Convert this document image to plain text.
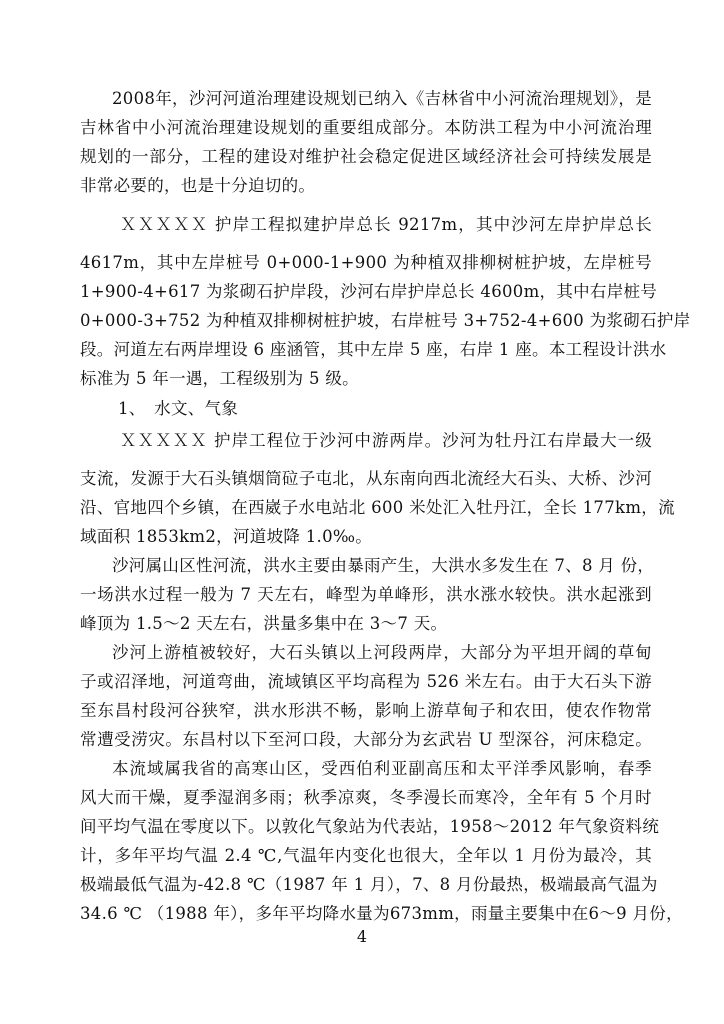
2008年，沙河河道治理建设规划已纳入《吉林省中小河流治理规划》，是
吉林省中小河流治理建设规划的重要组成部分。本防洪工程为中小河流治理
规划的一部分，工程的建设对维护社会稳定促进区域经济社会可持续发展是
非常必要的，也是十分迫切的。
ＸＸＸＸＸ 护岸工程拟建护岸总长 9217m，其中沙河左岸护岸总长
4617m，其中左岸桩号 0+000-1+900 为种植双排柳树桩护坡，左岸桩号
1+900-4+617 为浆砌石护岸段，沙河右岸护岸总长 4600m，其中右岸桩号
0+000-3+752 为种植双排柳树桩护坡，右岸桩号 3+752-4+600 为浆砌石护岸
段。河道左右两岸埋设 6 座涵管，其中左岸 5 座，右岸 1 座。本工程设计洪水
标准为 5 年一遇，工程级别为 5 级。
1、　水文、气象
ＸＸＸＸＸ 护岸工程位于沙河中游两岸。沙河为牡丹江右岸最大一级
支流，发源于大石头镇烟筒砬子屯北，从东南向西北流经大石头、大桥、沙河
沿、官地四个乡镇，在西崴子水电站北 600 米处汇入牡丹江，全长 177km，流
域面积 1853km2，河道坡降 1.0‰。
沙河属山区性河流，洪水主要由暴雨产生，大洪水多发生在 7、8 月 份，
一场洪水过程一般为 7 天左右，峰型为单峰形，洪水涨水较快。洪水起涨到
峰顶为 1.5～2 天左右，洪量多集中在 3～7 天。
沙河上游植被较好，大石头镇以上河段两岸，大部分为平坦开阔的草甸
子或沼泽地，河道弯曲，流域镇区平均高程为 526 米左右。由于大石头下游
至东昌村段河谷狭窄，洪水形洪不畅，影响上游草甸子和农田，使农作物常
常遭受涝灾。东昌村以下至河口段，大部分为玄武岩 U 型深谷，河床稳定。
本流域属我省的高寒山区，受西伯利亚副高压和太平洋季风影响，春季
风大而干燥，夏季湿润多雨；秋季凉爽，冬季漫长而寒冷，全年有 5 个月时
间平均气温在零度以下。以敦化气象站为代表站，1958～2012 年气象资料统
计，多年平均气温 2.4 ℃,气温年内变化也很大，全年以 1 月份为最冷，其
极端最低气温为-42.8 ℃（1987 年 1 月），7、8 月份最热，极端最高气温为
34.6 ℃ （1988 年），多年平均降水量为673mm，雨量主要集中在6～9 月份，
4
